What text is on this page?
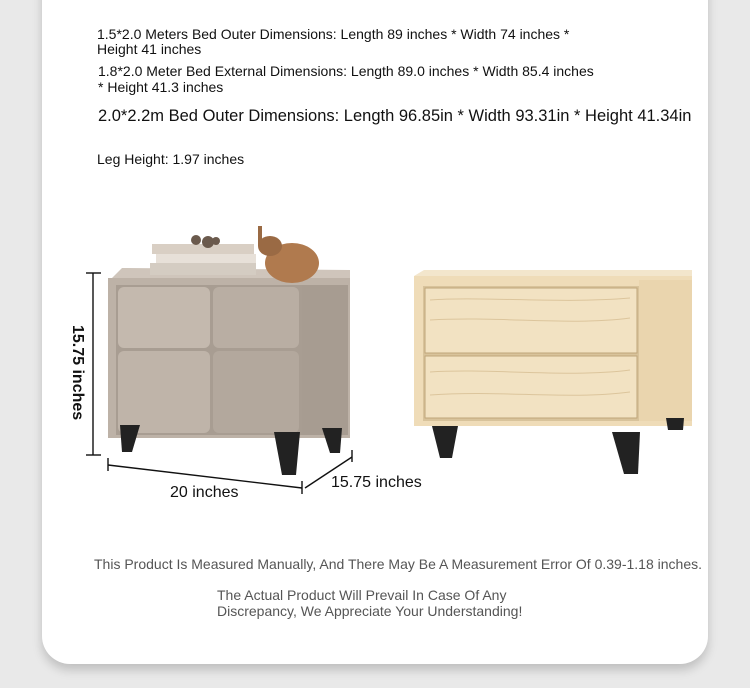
1.5*2.0 Meters Bed Outer Dimensions: Length 89 inches * Width 74 inches * Height 41 inches
1.8*2.0 Meter Bed External Dimensions: Length 89.0 inches * Width 85.4 inches * Height 41.3 inches
2.0*2.2m Bed Outer Dimensions: Length 96.85in * Width 93.31in * Height 41.34in
Leg Height: 1.97 inches
15.75 inches
20 inches
15.75 inches
This Product Is Measured Manually, And There May Be A Measurement Error Of 0.39-1.18 inches.
The Actual Product Will Prevail In Case Of Any Discrepancy, We Appreciate Your Understanding!
